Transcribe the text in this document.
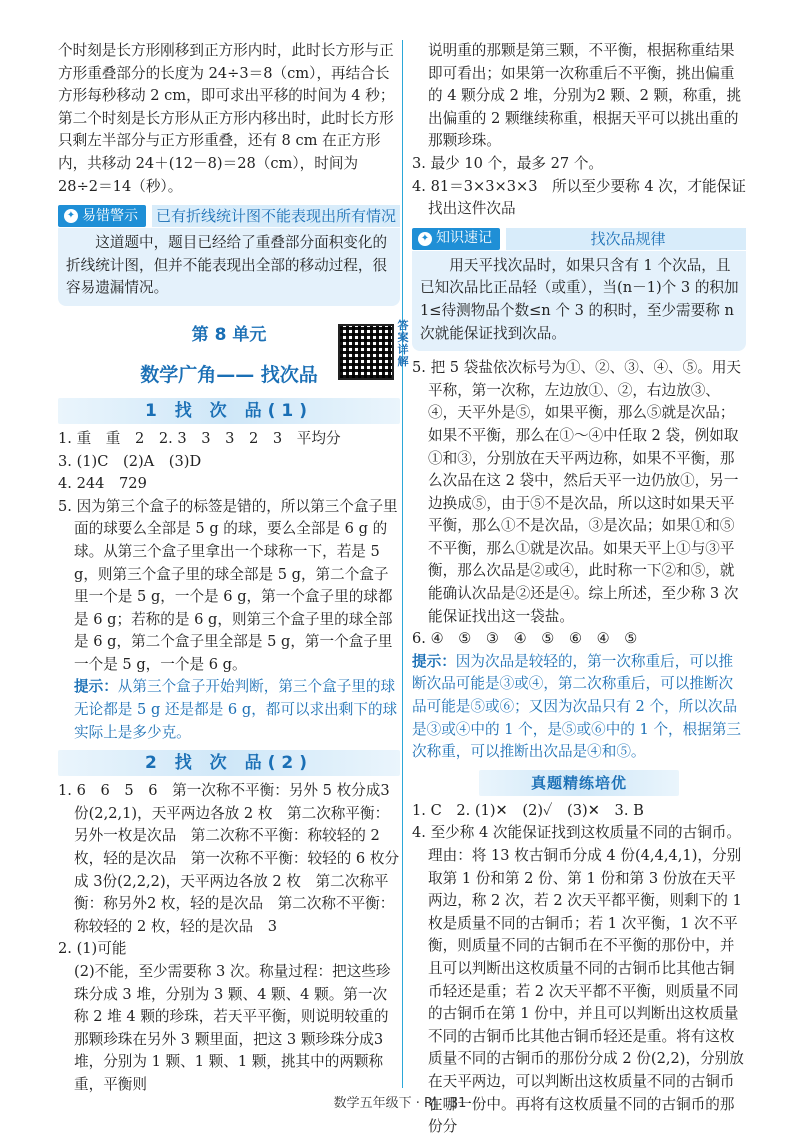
个时刻是长方形刚移到正方形内时，此时长方形与正方形重叠部分的长度为 24÷3＝8（cm），再结合长方形每秒移动 2 cm，即可求出平移的时间为 4 秒；第二个时刻是长方形从正方形内移出时，此时长方形只剩左半部分与正方形重叠，还有 8 cm 在正方形内，共移动 24＋(12－8)＝28（cm），时间为 28÷2＝14（秒）。

✦ 易错警示 已有折线统计图不能表现出所有情况

这道题中，题目已经给了重叠部分面积变化的折线统计图，但并不能表现出全部的移动过程，很容易遗漏情况。

第 8 单元
数学广角—— 找次品
答案详解
1 找 次 品(1)

1. 重　重　2　2. 3　3　3　2　3　平均分

3. (1)C　(2)A　(3)D

4. 244　729

5. 因为第三个盒子的标签是错的，所以第三个盒子里面的球要么全部是 5 g 的球，要么全部是 6 g 的球。从第三个盒子里拿出一个球称一下，若是 5 g，则第三个盒子里的球全部是 5 g，第二个盒子里一个是 5 g，一个是 6 g，第一个盒子里的球都是 6 g；若称的是 6 g，则第三个盒子里的球全部是 6 g，第二个盒子里全部是 5 g，第一个盒子里一个是 5 g，一个是 6 g。

提示：从第三个盒子开始判断，第三个盒子里的球无论都是 5 g 还是都是 6 g，都可以求出剩下的球实际上是多少克。

2 找 次 品(2)

1. 6　6　5　6　第一次称不平衡：另外 5 枚分成3份(2,2,1)，天平两边各放 2 枚　第二次称平衡：另外一枚是次品　第二次称不平衡：称较轻的 2 枚，轻的是次品　第一次称不平衡：较轻的 6 枚分成 3份(2,2,2)，天平两边各放 2 枚　第二次称平衡：称另外2 枚，轻的是次品　第二次称不平衡：称较轻的 2 枚，轻的是次品　3

2. (1)可能

(2)不能，至少需要称 3 次。称量过程：把这些珍珠分成 3 堆，分别为 3 颗、4 颗、4 颗。第一次称 2 堆 4 颗的珍珠，若天平平衡，则说明较重的那颗珍珠在另外 3 颗里面，把这 3 颗珍珠分成3 堆，分别为 1 颗、1 颗、1 颗，挑其中的两颗称重，平衡则

说明重的那颗是第三颗，不平衡，根据称重结果即可看出；如果第一次称重后不平衡，挑出偏重的 4 颗分成 2 堆，分别为2 颗、2 颗，称重，挑出偏重的 2 颗继续称重，根据天平可以挑出重的那颗珍珠。

3. 最少 10 个，最多 27 个。

4. 81＝3×3×3×3　所以至少要称 4 次，才能保证找出这件次品

✦ 知识速记	找次品规律

用天平找次品时，如果只含有 1 个次品，且已知次品比正品轻（或重），当(n－1)个 3 的积加 1≤待测物品个数≤n 个 3 的积时，至少需要称 n 次就能保证找到次品。

5. 把 5 袋盐依次标号为①、②、③、④、⑤。用天平称，第一次称，左边放①、②，右边放③、④，天平外是⑤，如果平衡，那么⑤就是次品；如果不平衡，那么在①～④中任取 2 袋，例如取①和③，分别放在天平两边称，如果不平衡，那么次品在这 2 袋中，然后天平一边仍放①，另一边换成⑤，由于⑤不是次品，所以这时如果天平平衡，那么①不是次品，③是次品；如果①和⑤不平衡，那么①就是次品。如果天平上①与③平衡，那么次品是②或④，此时称一下②和⑤，就能确认次品是②还是④。综上所述，至少称 3 次能保证找出这一袋盐。

6. ④　⑤　③　④　⑤　⑥　④　⑤

提示：因为次品是较轻的，第一次称重后，可以推断次品可能是③或④，第二次称重后，可以推断次品可能是⑤或⑥；又因为次品只有 2 个，所以次品是③或④中的 1 个，是⑤或⑥中的 1 个，根据第三次称重，可以推断出次品是④和⑤。

真题精练培优

1. C　2. (1)✕　(2)✓　(3)✕　3. B

4. 至少称 4 次能保证找到这枚质量不同的古铜币。理由：将 13 枚古铜币分成 4 份(4,4,4,1)，分别取第 1 份和第 2 份、第 1 份和第 3 份放在天平两边，称 2 次，若 2 次天平都平衡，则剩下的 1 枚是质量不同的古铜币；若 1 次平衡，1 次不平衡，则质量不同的古铜币在不平衡的那份中，并且可以判断出这枚质量不同的古铜币比其他古铜币轻还是重；若 2 次天平都不平衡，则质量不同的古铜币在第 1 份中，并且可以判断出这枚质量不同的古铜币比其他古铜币轻还是重。将有这枚质量不同的古铜币的那份分成 2 份(2,2)，分别放在天平两边，可以判断出这枚质量不同的古铜币在哪一份中。再将有这枚质量不同的古铜币的那份分

数学五年级下 · RJ　31
